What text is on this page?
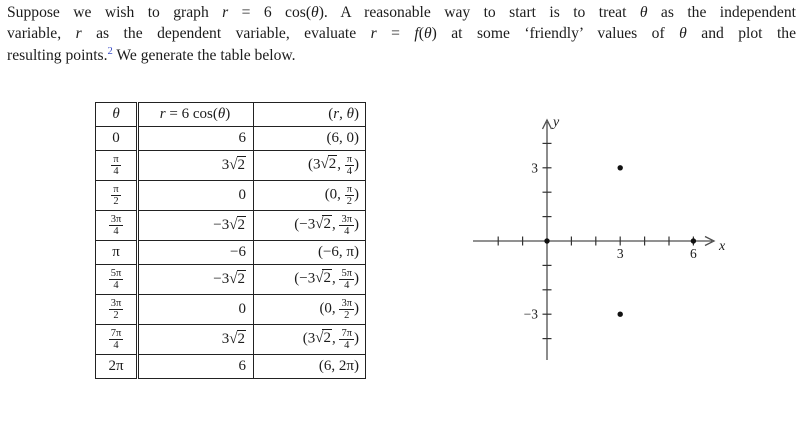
Suppose we wish to graph r = 6 cos(θ). A reasonable way to start is to treat θ as the independent
variable, r as the dependent variable, evaluate r = f(θ) at some ‘friendly’ values of θ and plot the
resulting points.$^2$ We generate the table below.
θ	r = 6 cos(θ)	(r, θ)
0	6	(6, 0)

$\frac{\pi}{4}$	3√2	(3√2, $\frac{\pi}{4}$ )

$\frac{\pi}{2}$	0	(0, $\frac{\pi}{2}$ )

$\frac{3\pi}{4}$	−3√2	(−3√2, $\frac{3\pi}{4}$ )
π	−6	(−6, π)

$\frac{5\pi}{4}$	−3√2	(−3√2, $\frac{5\pi}{4}$ )

$\frac{3\pi}{2}$	0	(0, $\frac{3\pi}{2}$ )

$\frac{7\pi}{4}$	3√2	(3√2, $\frac{7\pi}{4}$ )
2π	6	(6, 2π)
3	6 x
3
−3
y
